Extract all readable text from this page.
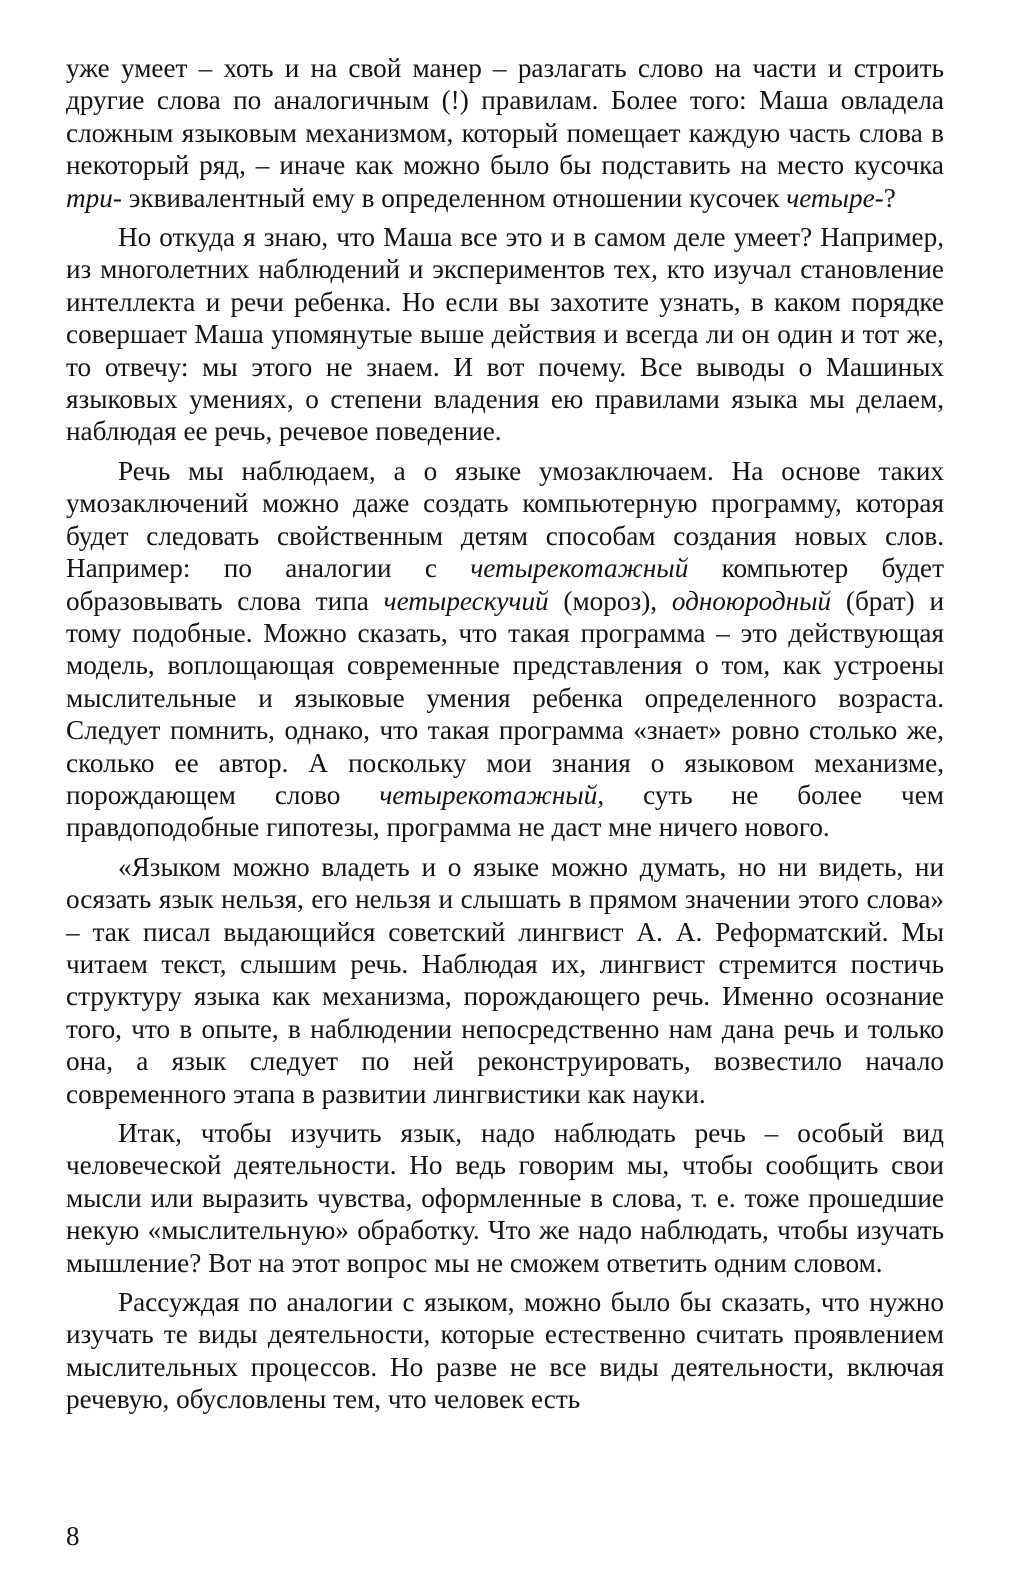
уже умеет – хоть и на свой манер – разлагать слово на части и строить другие слова по аналогичным (!) правилам. Более того: Маша овладела сложным языковым механизмом, который помещает каждую часть слова в некоторый ряд, – иначе как можно было бы подставить на место кусочка три- эквивалентный ему в определенном отношении кусочек четыре-?

Но откуда я знаю, что Маша все это и в самом деле умеет? Например, из многолетних наблюдений и экспериментов тех, кто изучал становление интеллекта и речи ребенка. Но если вы захотите узнать, в каком порядке совершает Маша упомянутые выше действия и всегда ли он один и тот же, то отвечу: мы этого не знаем. И вот почему. Все выводы о Машиных языковых умениях, о степени владения ею правилами языка мы делаем, наблюдая ее речь, речевое поведение.

Речь мы наблюдаем, а о языке умозаключаем. На основе таких умозаключений можно даже создать компьютерную программу, которая будет следовать свойственным детям способам создания новых слов. Например: по аналогии с четырекотажный компьютер будет образовывать слова типа четырескучий (мороз), одноюродный (брат) и тому подобные. Можно сказать, что такая программа – это действующая модель, воплощающая современные представления о том, как устроены мыслительные и языковые умения ребенка определенного возраста. Следует помнить, однако, что такая программа «знает» ровно столько же, сколько ее автор. А поскольку мои знания о языковом механизме, порождающем слово четырекотажный, суть не более чем правдоподобные гипотезы, программа не даст мне ничего нового.

«Языком можно владеть и о языке можно думать, но ни видеть, ни осязать язык нельзя, его нельзя и слышать в прямом значении этого слова» – так писал выдающийся советский лингвист А. А. Реформатский. Мы читаем текст, слышим речь. Наблюдая их, лингвист стремится постичь структуру языка как механизма, порождающего речь. Именно осознание того, что в опыте, в наблюдении непосредственно нам дана речь и только она, а язык следует по ней реконструировать, возвестило начало современного этапа в развитии лингвистики как науки.

Итак, чтобы изучить язык, надо наблюдать речь – особый вид человеческой деятельности. Но ведь говорим мы, чтобы сообщить свои мысли или выразить чувства, оформленные в слова, т. е. тоже прошедшие некую «мыслительную» обработку. Что же надо наблюдать, чтобы изучать мышление? Вот на этот вопрос мы не сможем ответить одним словом.

Рассуждая по аналогии с языком, можно было бы сказать, что нужно изучать те виды деятельности, которые естественно считать проявлением мыслительных процессов. Но разве не все виды деятельности, включая речевую, обусловлены тем, что человек есть

8
